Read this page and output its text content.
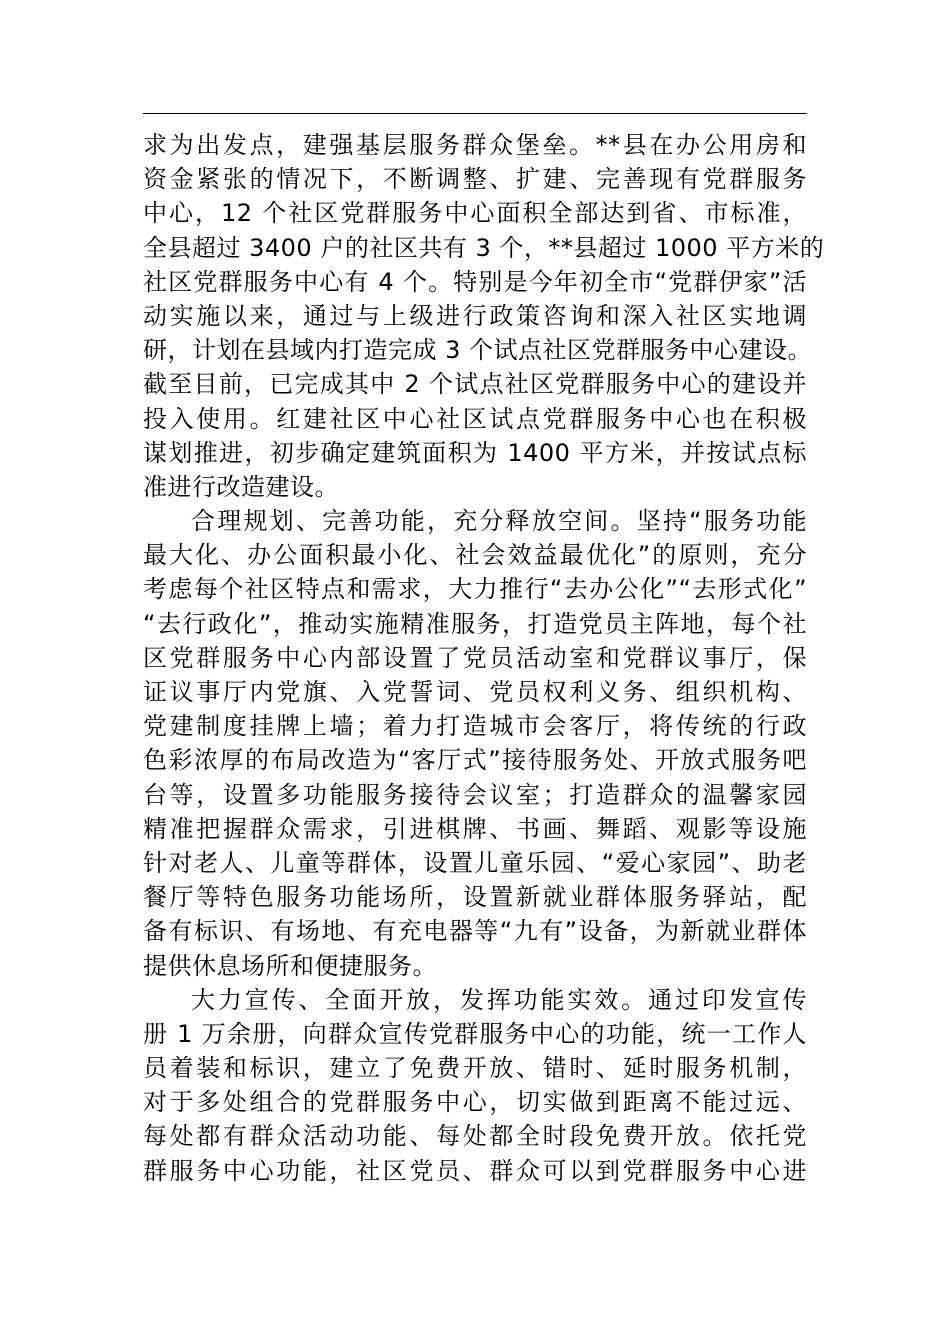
求为出发点，建强基层服务群众堡垒。**县在办公用房和
资金紧张的情况下，不断调整、扩建、完善现有党群服务
中心，12 个社区党群服务中心面积全部达到省、市标准，
全县超过 3400 户的社区共有 3 个，**县超过 1000 平方米的
社区党群服务中心有 4 个。特别是今年初全市“党群伊家”活
动实施以来，通过与上级进行政策咨询和深入社区实地调
研，计划在县域内打造完成 3 个试点社区党群服务中心建设。
截至目前，已完成其中 2 个试点社区党群服务中心的建设并
投入使用。红建社区中心社区试点党群服务中心也在积极
谋划推进，初步确定建筑面积为 1400 平方米，并按试点标
准进行改造建设。
合理规划、完善功能，充分释放空间。坚持“服务功能
最大化、办公面积最小化、社会效益最优化”的原则，充分
考虑每个社区特点和需求，大力推行“去办公化”“去形式化”
“去行政化”，推动实施精准服务，打造党员主阵地，每个社
区党群服务中心内部设置了党员活动室和党群议事厅，保
证议事厅内党旗、入党誓词、党员权利义务、组织机构、
党建制度挂牌上墙；着力打造城市会客厅，将传统的行政
色彩浓厚的布局改造为“客厅式”接待服务处、开放式服务吧
台等，设置多功能服务接待会议室；打造群众的温馨家园
精准把握群众需求，引进棋牌、书画、舞蹈、观影等设施
针对老人、儿童等群体，设置儿童乐园、“爱心家园”、助老
餐厅等特色服务功能场所，设置新就业群体服务驿站，配
备有标识、有场地、有充电器等“九有”设备，为新就业群体
提供休息场所和便捷服务。
大力宣传、全面开放，发挥功能实效。通过印发宣传
册 1 万余册，向群众宣传党群服务中心的功能，统一工作人
员着装和标识，建立了免费开放、错时、延时服务机制，
对于多处组合的党群服务中心，切实做到距离不能过远、
每处都有群众活动功能、每处都全时段免费开放。依托党
群服务中心功能，社区党员、群众可以到党群服务中心进
